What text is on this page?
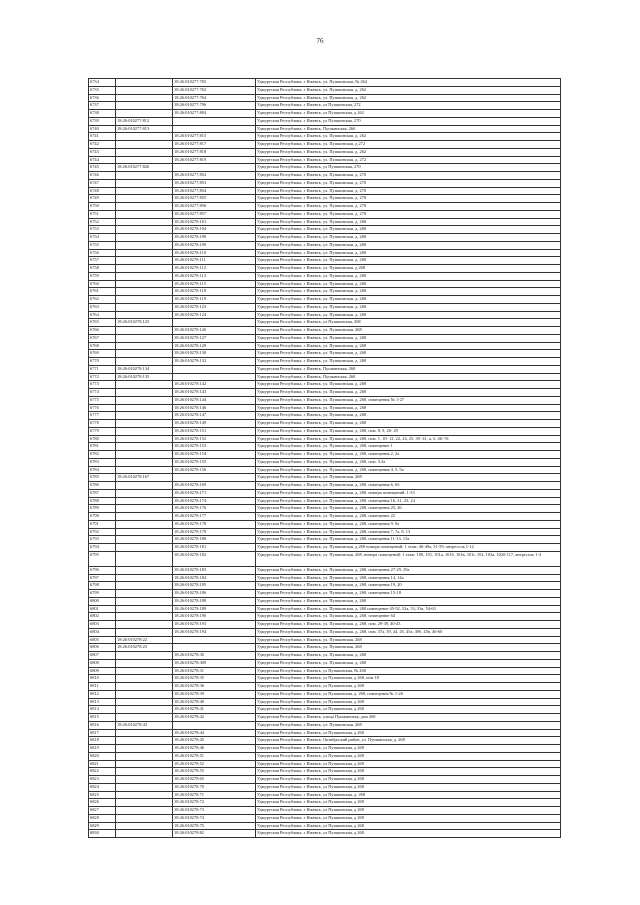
76
6734		18:26:010277:765	Удмуртская Республика, г Ижевск, ул. Пушкинская, № 264
6735		18:26:010277:763	Удмуртская Республика, г Ижевск, ул. Пушкинская, д. 262
6736		18:26:010277:764	Удмуртская Республика, г Ижевск, ул. Пушкинская, д. 262
6737		18:26:010277:796	Удмуртская Республика, г Ижевск, ул Пушкинская, 272
6738		18:26:010277:804	Удмуртская Республика, г Ижевск, ул Пушкинская, д 262
6739	18:26:010277:812		Удмуртская Республика, г Ижевск, ул Пушкинская, 270
6740	18:26:010277:813		Удмуртская Республика, г Ижевск, Пушкинская, 266
6741		18:26:010277:815	Удмуртская Республика, г Ижевск, ул. Пушкинская, д. 262
6742		18:26:010277:817	Удмуртская Республика, г Ижевск, ул. Пушкинская, д 272
6743		18:26:010277:818	Удмуртская Республика, г Ижевск, ул. Пушкинская, д. 262
6744		18:26:010277:819	Удмуртская Республика, г Ижевск, ул. Пушкинская, д. 272
6745	18:26:010277:826		Удмуртская Республика, г Ижевск, ул Пушкинская, 270
6746		18:26:010277:852	Удмуртская Республика, г Ижевск, ул. Пушкинская, д. 270
6747		18:26:010277:853	Удмуртская Республика, г Ижевск, ул. Пушкинская, д. 270
6748		18:26:010277:854	Удмуртская Республика, г Ижевск, ул. Пушкинская, д. 270
6749		18:26:010277:855	Удмуртская Республика, г Ижевск, ул. Пушкинская, д. 270
6750		18:26:010277:856	Удмуртская Республика, г Ижевск, ул. Пушкинская, д. 270
6751		18:26:010277:857	Удмуртская Республика, г Ижевск, ул. Пушкинская, д. 270
6752		18:26:010278:101	Удмуртская Республика, г Ижевск, ул. Пушкинская, д. 268
6753		18:26:010278:104	Удмуртская Республика, г Ижевск, ул. Пушкинская, д. 268
6754		18:26:010278:108	Удмуртская Республика, г Ижевск, ул. Пушкинская, д. 268
6755		18:26:010278:109	Удмуртская Республика, г Ижевск, ул. Пушкинская, д. 268
6756		18:26:010278:110	Удмуртская Республика, г Ижевск, ул. Пушкинская, д. 268
6757		18:26:010278:111	Удмуртская Республика, г Ижевск, ул. Пушкинская, д. 268
6758		18:26:010278:112	Удмуртская Республика, г Ижевск, ул. Пушкинская, д 268
6759		18:26:010278:113	Удмуртская Республика, г Ижевск, ул. Пушкинская, д. 268
6760		18:26:010278:115	Удмуртская Республика, г Ижевск, ул. Пушкинская, д. 268
6761		18:26:010278:118	Удмуртская Республика, г Ижевск, ул. Пушкинская, д. 268
6762		18:26:010278:119	Удмуртская Республика, г Ижевск, ул. Пушкинская, д. 268
6763		18:26:010278:123	Удмуртская Республика, г Ижевск, ул. Пушкинская, д. 268
6764		18:26:010278:124	Удмуртская Республика, г Ижевск, ул. Пушкинская, д. 268
6765	18:26:010278:125		Удмуртская Республика, г Ижевск, ул Пушкинская, 268
6766		18:26:010278:126	Удмуртская Республика, г Ижевск, ул. Пушкинская, 268
6767		18:26:010278:127	Удмуртская Республика, г Ижевск, ул. Пушкинская, д. 268
6768		18:26:010278:129	Удмуртская Республика, г Ижевск, ул. Пушкинская, д. 268
6769		18:26:010278:130	Удмуртская Республика, г Ижевск, ул. Пушкинская, д. 268
6770		18:26:010278:132	Удмуртская Республика, г Ижевск, ул. Пушкинская, д. 268
6771	18:26:010278:134		Удмуртская Республика, г Ижевск, Пушкинская, 268
6772	18:26:010278:135		Удмуртская Республика, г Ижевск, Пушкинская, 268
6773		18:26:010278:142	Удмуртская Республика, г Ижевск, ул. Пушкинская, д. 268
6774		18:26:010278:143	Удмуртская Республика, г Ижевск, ул. Пушкинская, д. 268
6775		18:26:010278:144	Удмуртская Республика, г Ижевск, ул. Пушкинская, д. 268, помещения № 1-27
6776		18:26:010278:146	Удмуртская Республика, г Ижевск, ул. Пушкинская, д. 268
6777		18:26:010278:147	Удмуртская Республика, г Ижевск, ул. Пушкинская, д. 268
6778		18:26:010278:149	Удмуртская Республика, г Ижевск, ул. Пушкинская, д. 268
6779		18:26:010278:151	Удмуртская Республика, г Ижевск, ул. Пушкинская, д. 268, пом. 8, 9, 26- 29
6780		18:26:010278:152	Удмуртская Республика, г Ижевск, ул. Пушкинская, д. 268, пом. 1, 10- 12, 22, 24, 25, 39- 41, а, б, 46- 91
6781		18:26:010278:153	Удмуртская Республика, г Ижевск, ул. Пушкинская, д. 268, помещение 1
6782		18:26:010278:154	Удмуртская Республика, г Ижевск, ул. Пушкинская, д. 268, помещения 2, 2а
6783		18:26:010278:155	Удмуртская Республика, г Ижевск, ул. Пушкинская, д. 268, пом. 3,3а
6784		18:26:010278:156	Удмуртская Республика, г Ижевск, ул. Пушкинская, д. 268, помещения 4, 5, 5а
6785	18:26:010278:167		Удмуртская Республика, г Ижевск, ул. Пушкинская, 268
6786		18:26:010278:169	Удмуртская Республика, г Ижевск, ул. Пушкинская, д. 268, помещения 6, 6б
6787		18:26:010278:171	Удмуртская Республика, г Ижевск, ул. Пушкинская, д. 268, номера помещений: 1-33
6788		18:26:010278:174	Удмуртская Республика, г Ижевск, ул. Пушкинская, д. 268, помещения 16, 21, 23, 24
6789		18:26:010278:176	Удмуртская Республика, г Ижевск, ул. Пушкинская, д. 268, помещения 25, 26
6790		18:26:010278:177	Удмуртская Республика, г Ижевск, ул. Пушкинская, д. 268, помещение 22
6791		18:26:010278:178	Удмуртская Республика, г Ижевск, ул. Пушкинская, д. 268, помещения 9, 9а
6792		18:26:010278:179	Удмуртская Республика, г Ижевск, ул. Пушкинская, д. 268, помещения 7, 7а, 8, 13
6793		18:26:010278:180	Удмуртская Республика, г Ижевск, ул. Пушкинская, д. 268, помещения 11-13, 13а
6794		18:26:010278:181	Удмуртская Республика, г Ижевск, ул. Пушкинская, д.268 номера помещений: 1 этаж: 46-49а, 51-59; антресоль 1-12
6795		18:26:010278:182	Удмуртская Республика, г Ижевск, ул. Пушкинская, 268, номера помещений: 1 этаж: 100, 101, 101а, 101б, 101в, 101г, 102, 102а, 102б-117, антресоль 1-4
6796		18:26:010278:183	Удмуртская Республика, г Ижевск, ул. Пушкинская, д. 268, помещения 27-29, 29а
6797		18:26:010278:184	Удмуртская Республика, г Ижевск, ул. Пушкинская, д. 268, помещения 14, 14а
6798		18:26:010278:185	Удмуртская Республика, г Ижевск, ул. Пушкинская, д. 268, помещения 19, 20
6799		18:26:010278:186	Удмуртская Республика, г Ижевск, ул. Пушкинская, д. 268, помещения 15-18
6800		18:26:010278:188	Удмуртская Республика, г Ижевск, ул. Пушкинская, д. 268
6801		18:26:010278:189	Удмуртская Республика, г Ижевск, ул. Пушкинская, д. 268 помещение 45-52, 52а, 53, 53а, 54-63
6802		18:26:010278:190	Удмуртская Республика, г Ижевск, ул. Пушкинская, д. 268, помещение 64
6803		18:26:010278:193	Удмуртская Республика, г Ижевск, ул. Пушкинская, д. 268, пом. 29-39, 40-43
6804		18:26:010278:194	Удмуртская Республика, г Ижевск, ул. Пушкинская, д. 268, пом. 37а, 39, 44, 45, 45а, 49б, 45в, 46-60
6805	18:26:010278:22		Удмуртская Республика, г Ижевск, ул. Пушкинская, 268
6806	18:26:010278:23		Удмуртская Республика, г Ижевск, ул. Пушкинская, 268
6807		18:26:010278:30	Удмуртская Республика, г Ижевск, ул. Пушкинская, д. 268
6808		18:26:010278:309	Удмуртская Республика, г Ижевск, ул. Пушкинская, д. 268
6809		18:26:010278:31	Удмуртская Республика, г Ижевск, ул Пушкинская, № 268
6810		18:26:010278:35	Удмуртская Республика, г Ижевск, ул Пушкинская, д 268, пом 18
6811		18:26:010278:36	Удмуртская Республика, г Ижевск, ул Пушкинская, д 268
6812		18:26:010278:39	Удмуртская Республика, г Ижевск, ул Пушкинская, д. 268, помещения № 1-26
6813		18:26:010278:40	Удмуртская Республика, г Ижевск, ул Пушкинская, д 268
6814		18:26:010278:41	Удмуртская Республика, г Ижевск, ул Пушкинская, д 268
6815		18:26:010278:42	Удмуртская Республика, г Ижевск, улица Пушкинская, дом 268
6816	18:26:010278:43		Удмуртская Республика, г Ижевск, ул. Пушкинская, 268
6817		18:26:010278:44	Удмуртская Республика, г Ижевск, ул Пушкинская, д 268
6818		18:26:010278:45	Удмуртская Республика, г Ижевск, Октябрьский район, ул. Пушкинская, д. 268
6819		18:26:010278:46	Удмуртская Республика, г Ижевск, ул Пушкинская, д 268
6820		18:26:010278:51	Удмуртская Республика, г Ижевск, ул Пушкинская, д 268
6821		18:26:010278:52	Удмуртская Республика, г Ижевск, ул Пушкинская, д 268
6822		18:26:010278:55	Удмуртская Республика, г Ижевск, ул Пушкинская, д 268
6823		18:26:010278:65	Удмуртская Республика, г Ижевск, ул Пушкинская, д 268
6824		18:26:010278:70	Удмуртская Республика, г Ижевск, ул Пушкинская, д 268
6825		18:26:010278:71	Удмуртская Республика, г Ижевск, ул Пушкинская, д. 268
6826		18:26:010278:72	Удмуртская Республика, г Ижевск, ул Пушкинская, д 268
6827		18:26:010278:73	Удмуртская Республика, г Ижевск, ул Пушкинская, д 268
6828		18:26:010278:74	Удмуртская Республика, г Ижевск, ул Пушкинская, д 268
6829		18:26:010278:75	Удмуртская Республика, г Ижевск, ул Пушкинская, д 268
6830		18:26:010278:82	Удмуртская Республика, г Ижевск, ул Пушкинская, д 268
